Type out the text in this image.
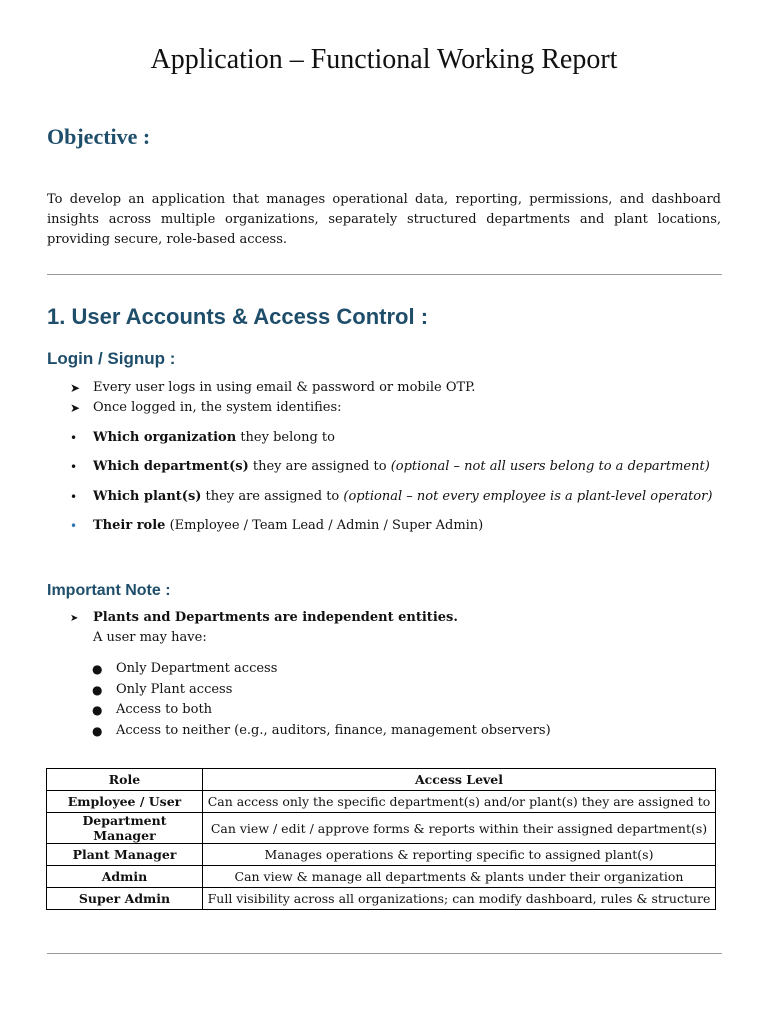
Application – Functional Working Report
Objective :
To develop an application that manages operational data, reporting, permissions, and dashboard insights across multiple organizations, separately structured departments and plant locations, providing secure, role-based access.
1. User Accounts & Access Control :
Login / Signup :
➤ Every user logs in using email & password or mobile OTP.
➤ Once logged in, the system identifies:
• Which organization they belong to
• Which department(s) they are assigned to (optional – not all users belong to a department)
• Which plant(s) they are assigned to (optional – not every employee is a plant-level operator)
• Their role (Employee / Team Lead / Admin / Super Admin)
Important Note :
➤ Plants and Departments are independent entities.
A user may have:
● Only Department access
● Only Plant access
● Access to both
● Access to neither (e.g., auditors, finance, management observers)
Role	Access Level
Employee / User	Can access only the specific department(s) and/or plant(s) they are assigned to
Department Manager	Can view / edit / approve forms & reports within their assigned department(s)
Plant Manager	Manages operations & reporting specific to assigned plant(s)
Admin	Can view & manage all departments & plants under their organization
Super Admin	Full visibility across all organizations; can modify dashboard, rules & structure
